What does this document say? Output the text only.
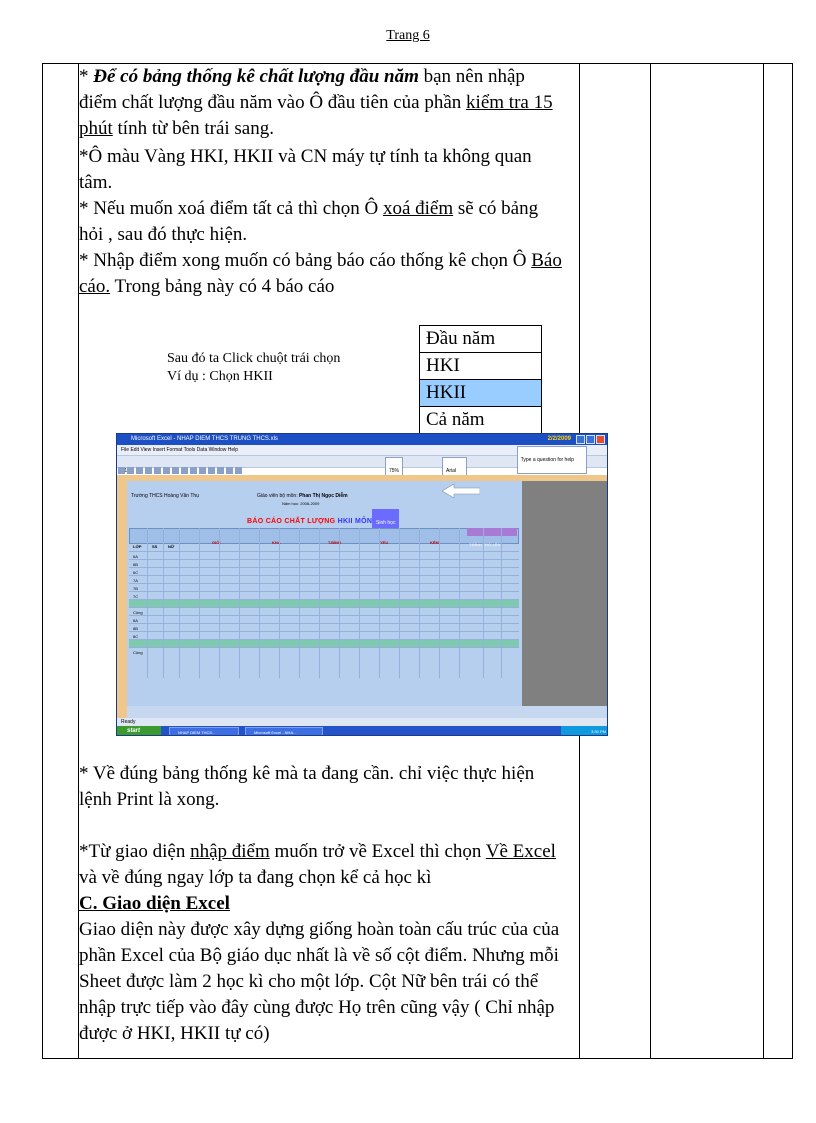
Trang 6

* Để có bảng thống kê chất lượng đầu năm bạn nên nhập điểm chất lượng đầu năm vào Ô đầu tiên của phần kiểm tra 15 phút tính từ bên trái sang.

*Ô màu Vàng HKI, HKII và CN máy tự tính ta không quan tâm.

* Nếu muốn xoá điểm tất cả thì chọn Ô xoá điểm sẽ có bảng hỏi , sau đó thực hiện.

* Nhập điểm xong muốn có bảng báo cáo thống kê chọn Ô Báo cáo. Trong bảng này có 4 báo cáo

Sau đó ta Click chuột trái chọn
Ví dụ : Chọn HKII
Đầu năm
HKI
HKII
Cả năm
Microsoft Excel - NHAP DIEM THCS TRUNG THCS.xls	2/2/2009
File Edit View Insert Format Tools Data Window Help
75%	Arial
Type a question for help
Trường THCS Hoàng Văn Thụ	Giáo viên bộ môn: Phan Thị Ngọc Diễm
Năm học: 2008-2009
BÁO CÁO CHẤT LƯỢNG HKII MÔN Sinh học
LỚP	SS	NỮ
GIỎI	KHÁ	T.BÌNH	YẾU	KÉM	T.BÌNH TRỞ LÊN
6A
6B
6C
7A
7B
7C
Cộng
8A
8B
8C
Cộng
Ready
start	NHAP DIEM THCS...	Microsoft Excel - NHA...	3:30 PM

* Về đúng bảng thống kê mà ta đang cần. chỉ việc thực hiện lệnh Print là xong.

*Từ giao diện nhập điểm muốn trở về Excel thì chọn Về Excel và về đúng ngay lớp ta đang chọn kể cả học kì

C. Giao diện Excel

Giao diện này được xây dựng giống hoàn toàn cấu trúc của của phần Excel của Bộ giáo dục nhất là về số cột điểm. Nhưng mỗi Sheet được làm 2 học kì cho một lớp. Cột Nữ bên trái có thể nhập trực tiếp vào đây cùng được Họ trên cũng vậy ( Chỉ nhập được ở HKI, HKII tự có)
